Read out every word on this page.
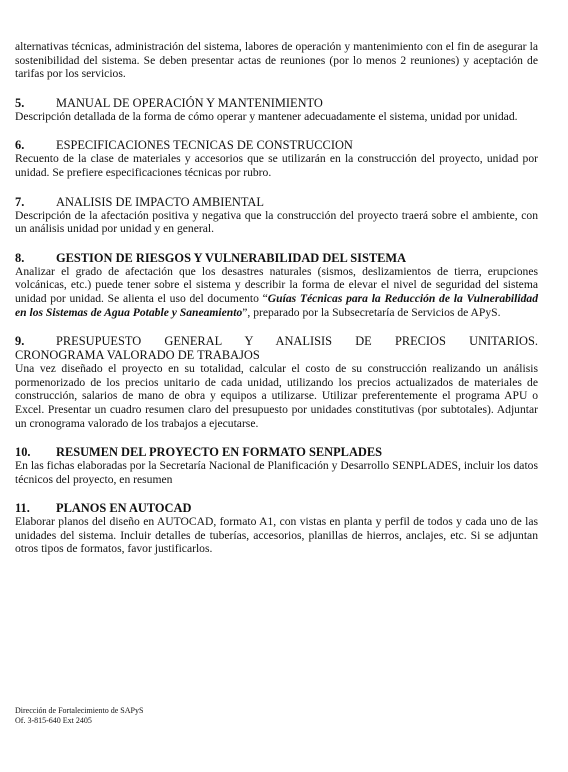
alternativas técnicas, administración del sistema, labores de operación y mantenimiento con el fin de asegurar la sostenibilidad del sistema. Se deben presentar actas de reuniones (por lo menos 2 reuniones) y aceptación de tarifas por los servicios.

5.	MANUAL DE OPERACIÓN Y MANTENIMIENTO

Descripción detallada de la forma de cómo operar y mantener adecuadamente el sistema, unidad por unidad.

6.	ESPECIFICACIONES TECNICAS DE CONSTRUCCION

Recuento de la clase de materiales y accesorios que se utilizarán en la construcción del proyecto, unidad por unidad. Se prefiere especificaciones técnicas por rubro.

7.	ANALISIS DE IMPACTO AMBIENTAL

Descripción de la afectación positiva y negativa que la construcción del proyecto traerá sobre el ambiente, con un análisis unidad por unidad y en general.

8.	GESTION DE RIESGOS Y VULNERABILIDAD DEL SISTEMA

Analizar el grado de afectación que los desastres naturales (sismos, deslizamientos de tierra, erupciones volcánicas, etc.) puede tener sobre el sistema y describir la forma de elevar el nivel de seguridad del sistema unidad por unidad. Se alienta el uso del documento “Guías Técnicas para la Reducción de la Vulnerabilidad en los Sistemas de Agua Potable y Saneamiento”, preparado por la Subsecretaría de Servicios de APyS.

9.	PRESUPUESTO GENERAL Y ANALISIS DE PRECIOS UNITARIOS.

CRONOGRAMA VALORADO DE TRABAJOS

Una vez diseñado el proyecto en su totalidad, calcular el costo de su construcción realizando un análisis pormenorizado de los precios unitario de cada unidad, utilizando los precios actualizados de materiales de construcción, salarios de mano de obra y equipos a utilizarse. Utilizar preferentemente el programa APU o Excel. Presentar un cuadro resumen claro del presupuesto por unidades constitutivas (por subtotales). Adjuntar un cronograma valorado de los trabajos a ejecutarse.

10.	RESUMEN DEL PROYECTO EN FORMATO SENPLADES

En las fichas elaboradas por la Secretaría Nacional de Planificación y Desarrollo SENPLADES, incluir los datos técnicos del proyecto, en resumen

11.	PLANOS EN AUTOCAD

Elaborar planos del diseño en AUTOCAD, formato A1, con vistas en planta y perfil de todos y cada uno de las unidades del sistema. Incluir detalles de tuberías, accesorios, planillas de hierros, anclajes, etc. Si se adjuntan otros tipos de formatos, favor justificarlos.

Dirección de Fortalecimiento de SAPyS
Of. 3-815-640 Ext 2405
